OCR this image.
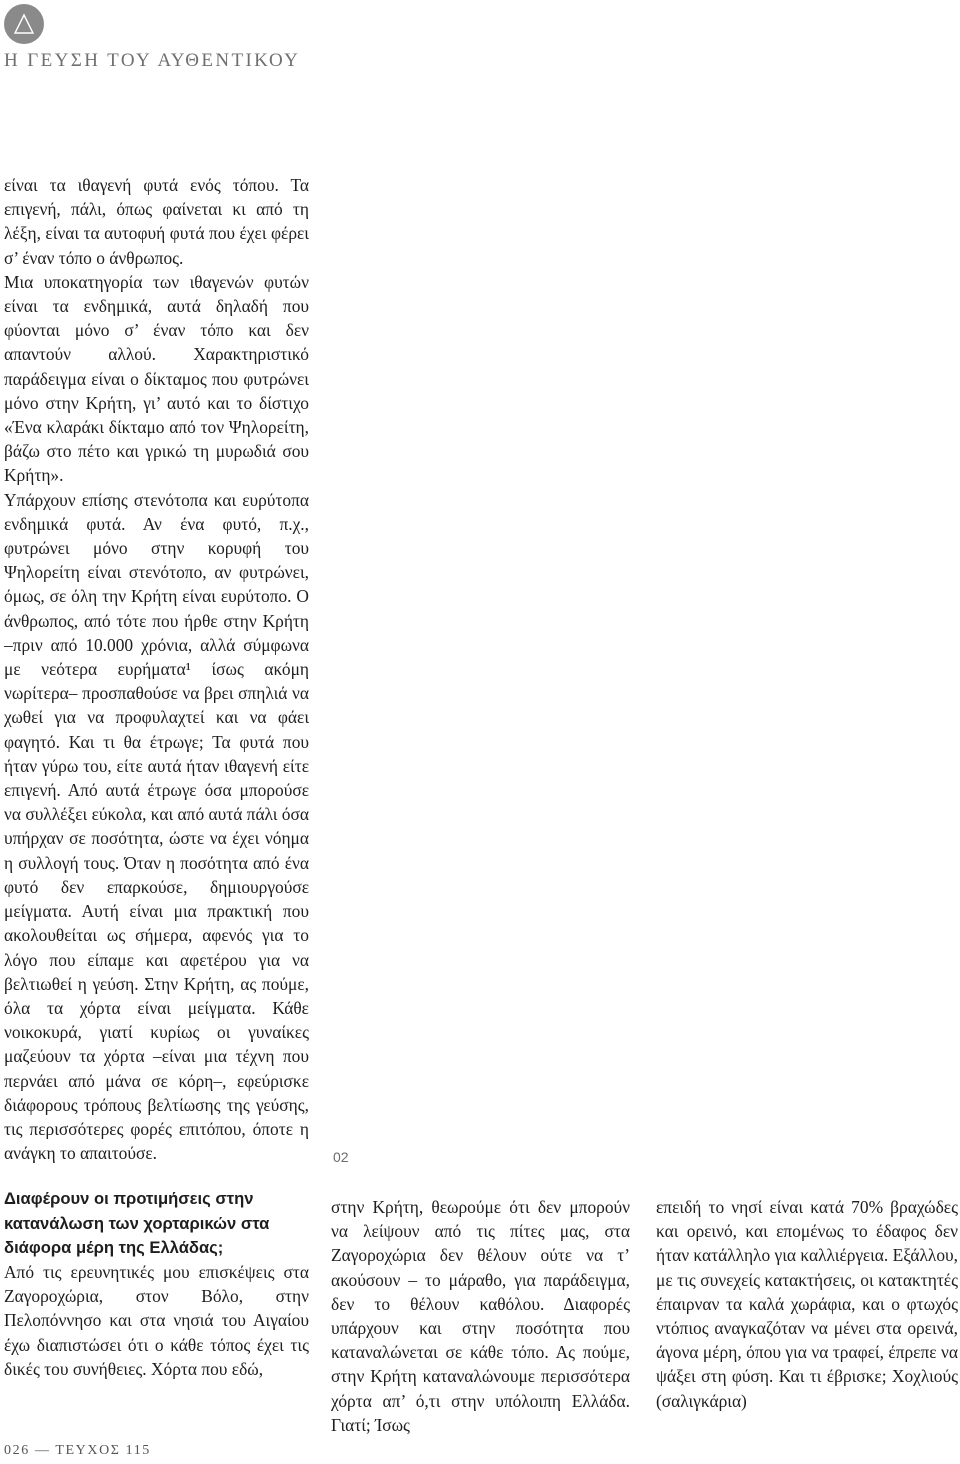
Η ΓΕΥΣΗ ΤΟΥ ΑΥΘΕΝΤΙΚΟΥ

είναι τα ιθαγενή φυτά ενός τόπου. Τα επιγενή, πάλι, όπως φαίνεται κι από τη λέξη, είναι τα αυτοφυή φυτά που έχει φέρει σ’ έναν τόπο ο άνθρωπος.

Μια υποκατηγορία των ιθαγενών φυτών είναι τα ενδημικά, αυτά δηλαδή που φύονται μόνο σ’ έναν τόπο και δεν απαντούν αλλού. Χαρακτηριστικό παράδειγμα είναι ο δίκταμος που φυτρώνει μόνο στην Κρήτη, γι’ αυτό και το δίστιχο «Ένα κλαράκι δίκταμο από τον Ψηλορείτη, βάζω στο πέτο και γρικώ τη μυρωδιά σου Κρήτη».

Υπάρχουν επίσης στενότοπα και ευρύτοπα ενδημικά φυτά. Αν ένα φυτό, π.χ., φυτρώνει μόνο στην κορυφή του Ψηλορείτη είναι στενότοπο, αν φυτρώνει, όμως, σε όλη την Κρήτη είναι ευρύτοπο. Ο άνθρωπος, από τότε που ήρθε στην Κρήτη –πριν από 10.000 χρόνια, αλλά σύμφωνα με νεότερα ευρήματα¹ ίσως ακόμη νωρίτερα– προσπαθούσε να βρει σπηλιά να χωθεί για να προφυλαχτεί και να φάει φαγητό. Και τι θα έτρωγε; Τα φυτά που ήταν γύρω του, είτε αυτά ήταν ιθαγενή είτε επιγενή. Από αυτά έτρωγε όσα μπορούσε να συλλέξει εύκολα, και από αυτά πάλι όσα υπήρχαν σε ποσότητα, ώστε να έχει νόημα η συλλογή τους. Όταν η ποσότητα από ένα φυτό δεν επαρκούσε, δημιουργούσε μείγματα. Αυτή είναι μια πρακτική που ακολουθείται ως σήμερα, αφενός για το λόγο που είπαμε και αφετέρου για να βελτιωθεί η γεύση. Στην Κρήτη, ας πούμε, όλα τα χόρτα είναι μείγματα. Κάθε νοικοκυρά, γιατί κυρίως οι γυναίκες μαζεύουν τα χόρτα –είναι μια τέχνη που περνάει από μάνα σε κόρη–, εφεύρισκε διάφορους τρόπους βελτίωσης της γεύσης, τις περισσότερες φορές επιτόπου, όποτε η ανάγκη το απαιτούσε.

Διαφέρουν οι προτιμήσεις στην κατανάλωση των χορταρικών στα διάφορα μέρη της Ελλάδας;

Από τις ερευνητικές μου επισκέψεις στα Ζαγοροχώρια, στον Βόλο, στην Πελοπόννησο και στα νησιά του Αιγαίου έχω διαπιστώσει ότι ο κάθε τόπος έχει τις δικές του συνήθειες. Χόρτα που εδώ,

02

στην Κρήτη, θεωρούμε ότι δεν μπορούν να λείψουν από τις πίτες μας, στα Ζαγοροχώρια δεν θέλουν ούτε να τ’ ακούσουν – το μάραθο, για παράδειγμα, δεν το θέλουν καθόλου. Διαφορές υπάρχουν και στην ποσότητα που καταναλώνεται σε κάθε τόπο. Ας πούμε, στην Κρήτη καταναλώνουμε περισσότερα χόρτα απ’ ό,τι στην υπόλοιπη Ελλάδα. Γιατί; Ίσως

επειδή το νησί είναι κατά 70% βραχώδες και ορεινό, και επομένως το έδαφος δεν ήταν κατάλληλο για καλλιέργεια. Εξάλλου, με τις συνεχείς κατακτήσεις, οι κατακτητές έπαιρναν τα καλά χωράφια, και ο φτωχός ντόπιος αναγκαζόταν να μένει στα ορεινά, άγονα μέρη, όπου για να τραφεί, έπρεπε να ψάξει στη φύση. Και τι έβρισκε; Χοχλιούς (σαλιγκάρια)

026 — ΤΕΥΧΟΣ 115
